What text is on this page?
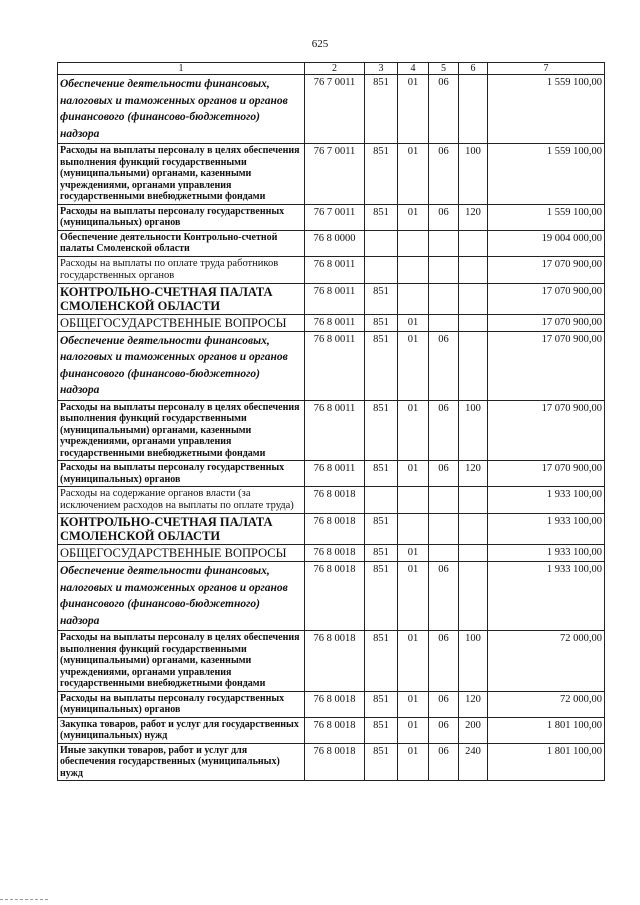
625
1	2	3	4	5	6	7

Обеспечение деятельности финансовых, налоговых и таможенных органов и органов финансового (финансово-бюджетного) надзора	76 7 0011	851	01	06		1 559 100,00

Расходы на выплаты персоналу в целях обеспечения выполнения функций государственными (муниципальными) органами, казенными учреждениями, органами управления государственными внебюджетными фондами	76 7 0011	851	01	06	100	1 559 100,00

Расходы на выплаты персоналу государственных (муниципальных) органов	76 7 0011	851	01	06	120	1 559 100,00

Обеспечение деятельности Контрольно-счетной палаты Смоленской области	76 8 0000					19 004 000,00

Расходы на выплаты по оплате труда работников государственных органов	76 8 0011					17 070 900,00

КОНТРОЛЬНО-СЧЕТНАЯ ПАЛАТА СМОЛЕНСКОЙ ОБЛАСТИ	76 8 0011	851				17 070 900,00

ОБЩЕГОСУДАРСТВЕННЫЕ ВОПРОСЫ	76 8 0011	851	01			17 070 900,00

Обеспечение деятельности финансовых, налоговых и таможенных органов и органов финансового (финансово-бюджетного) надзора	76 8 0011	851	01	06		17 070 900,00

Расходы на выплаты персоналу в целях обеспечения выполнения функций государственными (муниципальными) органами, казенными учреждениями, органами управления государственными внебюджетными фондами	76 8 0011	851	01	06	100	17 070 900,00

Расходы на выплаты персоналу государственных (муниципальных) органов	76 8 0011	851	01	06	120	17 070 900,00

Расходы на содержание органов власти (за исключением расходов на выплаты по оплате труда)	76 8 0018					1 933 100,00

КОНТРОЛЬНО-СЧЕТНАЯ ПАЛАТА СМОЛЕНСКОЙ ОБЛАСТИ	76 8 0018	851				1 933 100,00

ОБЩЕГОСУДАРСТВЕННЫЕ ВОПРОСЫ	76 8 0018	851	01			1 933 100,00

Обеспечение деятельности финансовых, налоговых и таможенных органов и органов финансового (финансово-бюджетного) надзора	76 8 0018	851	01	06		1 933 100,00

Расходы на выплаты персоналу в целях обеспечения выполнения функций государственными (муниципальными) органами, казенными учреждениями, органами управления государственными внебюджетными фондами	76 8 0018	851	01	06	100	72 000,00

Расходы на выплаты персоналу государственных (муниципальных) органов	76 8 0018	851	01	06	120	72 000,00

Закупка товаров, работ и услуг для государственных (муниципальных) нужд	76 8 0018	851	01	06	200	1 801 100,00

Иные закупки товаров, работ и услуг для обеспечения государственных (муниципальных) нужд	76 8 0018	851	01	06	240	1 801 100,00
